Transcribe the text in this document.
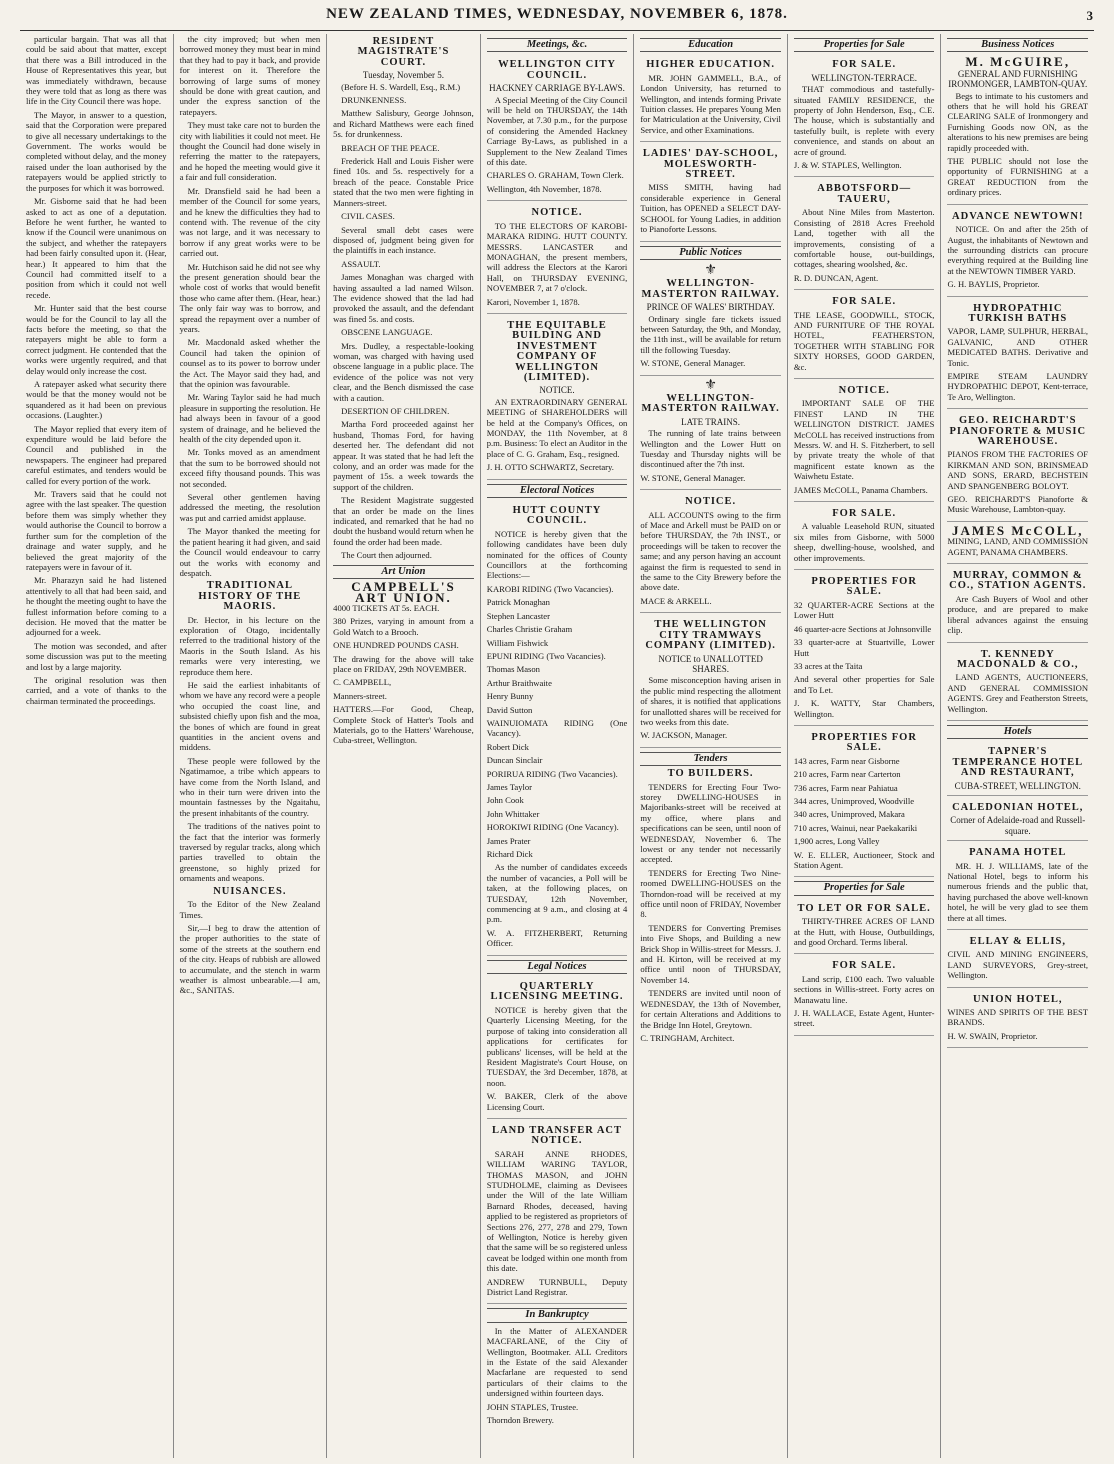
NEW ZEALAND TIMES, WEDNESDAY, NOVEMBER 6, 1878.	3

particular bargain. That was all that could be said about that matter, except that there was a Bill introduced in the House of Representatives this year, but was immediately withdrawn, because they were told that as long as there was life in the City Council there was hope.

The Mayor, in answer to a question, said that the Corporation were prepared to give all necessary undertakings to the Government. The works would be completed without delay, and the money raised under the loan authorised by the ratepayers would be applied strictly to the purposes for which it was borrowed.

Mr. Gisborne said that he had been asked to act as one of a deputation. Before he went further, he wanted to know if the Council were unanimous on the subject, and whether the ratepayers had been fairly consulted upon it. (Hear, hear.) It appeared to him that the Council had committed itself to a position from which it could not well recede.

Mr. Hunter said that the best course would be for the Council to lay all the facts before the meeting, so that the ratepayers might be able to form a correct judgment. He contended that the works were urgently required, and that delay would only increase the cost.

A ratepayer asked what security there would be that the money would not be squandered as it had been on previous occasions. (Laughter.)

The Mayor replied that every item of expenditure would be laid before the Council and published in the newspapers. The engineer had prepared careful estimates, and tenders would be called for every portion of the work.

Mr. Travers said that he could not agree with the last speaker. The question before them was simply whether they would authorise the Council to borrow a further sum for the completion of the drainage and water supply, and he believed the great majority of the ratepayers were in favour of it.

Mr. Pharazyn said he had listened attentively to all that had been said, and he thought the meeting ought to have the fullest information before coming to a decision. He moved that the matter be adjourned for a week.

The motion was seconded, and after some discussion was put to the meeting and lost by a large majority.

The original resolution was then carried, and a vote of thanks to the chairman terminated the proceedings.

the city improved; but when men borrowed money they must bear in mind that they had to pay it back, and provide for interest on it. Therefore the borrowing of large sums of money should be done with great caution, and under the express sanction of the ratepayers.

They must take care not to burden the city with liabilities it could not meet. He thought the Council had done wisely in referring the matter to the ratepayers, and he hoped the meeting would give it a fair and full consideration.

Mr. Dransfield said he had been a member of the Council for some years, and he knew the difficulties they had to contend with. The revenue of the city was not large, and it was necessary to borrow if any great works were to be carried out.

Mr. Hutchison said he did not see why the present generation should bear the whole cost of works that would benefit those who came after them. (Hear, hear.) The only fair way was to borrow, and spread the repayment over a number of years.

Mr. Macdonald asked whether the Council had taken the opinion of counsel as to its power to borrow under the Act. The Mayor said they had, and that the opinion was favourable.

Mr. Waring Taylor said he had much pleasure in supporting the resolution. He had always been in favour of a good system of drainage, and he believed the health of the city depended upon it.

Mr. Tonks moved as an amendment that the sum to be borrowed should not exceed fifty thousand pounds. This was not seconded.

Several other gentlemen having addressed the meeting, the resolution was put and carried amidst applause.

The Mayor thanked the meeting for the patient hearing it had given, and said the Council would endeavour to carry out the works with economy and despatch.

TRADITIONAL HISTORY OF THE MAORIS.

Dr. Hector, in his lecture on the exploration of Otago, incidentally referred to the traditional history of the Maoris in the South Island. As his remarks were very interesting, we reproduce them here.

He said the earliest inhabitants of whom we have any record were a people who occupied the coast line, and subsisted chiefly upon fish and the moa, the bones of which are found in great quantities in the ancient ovens and middens.

These people were followed by the Ngatimamoe, a tribe which appears to have come from the North Island, and who in their turn were driven into the mountain fastnesses by the Ngaitahu, the present inhabitants of the country.

The traditions of the natives point to the fact that the interior was formerly traversed by regular tracks, along which parties travelled to obtain the greenstone, so highly prized for ornaments and weapons.

NUISANCES.

To the Editor of the New Zealand Times.

Sir,—I beg to draw the attention of the proper authorities to the state of some of the streets at the southern end of the city. Heaps of rubbish are allowed to accumulate, and the stench in warm weather is almost unbearable.—I am, &c., SANITAS.

RESIDENT MAGISTRATE'S COURT.
Tuesday, November 5.

(Before H. S. Wardell, Esq., R.M.)

DRUNKENNESS.

Matthew Salisbury, George Johnson, and Richard Matthews were each fined 5s. for drunkenness.

BREACH OF THE PEACE.

Frederick Hall and Louis Fisher were fined 10s. and 5s. respectively for a breach of the peace. Constable Price stated that the two men were fighting in Manners-street.

CIVIL CASES.

Several small debt cases were disposed of, judgment being given for the plaintiffs in each instance.

ASSAULT.

James Monaghan was charged with having assaulted a lad named Wilson. The evidence showed that the lad had provoked the assault, and the defendant was fined 5s. and costs.

OBSCENE LANGUAGE.

Mrs. Dudley, a respectable-looking woman, was charged with having used obscene language in a public place. The evidence of the police was not very clear, and the Bench dismissed the case with a caution.

DESERTION OF CHILDREN.

Martha Ford proceeded against her husband, Thomas Ford, for having deserted her. The defendant did not appear. It was stated that he had left the colony, and an order was made for the payment of 15s. a week towards the support of the children.

The Resident Magistrate suggested that an order be made on the lines indicated, and remarked that he had no doubt the husband would return when he found the order had been made.

The Court then adjourned.

Art Union
CAMPBELL'S ART UNION.

4000 TICKETS AT 5s. EACH.

380 Prizes, varying in amount from a Gold Watch to a Brooch.

ONE HUNDRED POUNDS CASH.

The drawing for the above will take place on FRIDAY, 29th NOVEMBER.

C. CAMPBELL,

Manners-street.

HATTERS.—For Good, Cheap, Complete Stock of Hatter's Tools and Materials, go to the Hatters' Warehouse, Cuba-street, Wellington.

Meetings, &c.
WELLINGTON CITY COUNCIL.
HACKNEY CARRIAGE BY-LAWS.

A Special Meeting of the City Council will be held on THURSDAY, the 14th November, at 7.30 p.m., for the purpose of considering the Amended Hackney Carriage By-Laws, as published in a Supplement to the New Zealand Times of this date.

CHARLES O. GRAHAM, Town Clerk.

Wellington, 4th November, 1878.

NOTICE.

TO THE ELECTORS OF KAROBI-MARAKA RIDING. HUTT COUNTY. MESSRS. LANCASTER and MONAGHAN, the present members, will address the Electors at the Karori Hall, on THURSDAY EVENING, NOVEMBER 7, at 7 o'clock.

Karori, November 1, 1878.

THE EQUITABLE BUILDING AND INVESTMENT COMPANY OF WELLINGTON (LIMITED).
NOTICE.

AN EXTRAORDINARY GENERAL MEETING of SHAREHOLDERS will be held at the Company's Offices, on MONDAY, the 11th November, at 8 p.m. Business: To elect an Auditor in the place of C. G. Graham, Esq., resigned.

J. H. OTTO SCHWARTZ, Secretary.

Electoral Notices
HUTT COUNTY COUNCIL.

NOTICE is hereby given that the following candidates have been duly nominated for the offices of County Councillors at the forthcoming Elections:—

KAROBI RIDING (Two Vacancies).

Patrick Monaghan

Stephen Lancaster

Charles Christie Graham

William Fishwick

EPUNI RIDING (Two Vacancies).

Thomas Mason

Arthur Braithwaite

Henry Bunny

David Sutton

WAINUIOMATA RIDING (One Vacancy).

Robert Dick

Duncan Sinclair

PORIRUA RIDING (Two Vacancies).

James Taylor

John Cook

John Whittaker

HOROKIWI RIDING (One Vacancy).

James Prater

Richard Dick

As the number of candidates exceeds the number of vacancies, a Poll will be taken, at the following places, on TUESDAY, 12th November, commencing at 9 a.m., and closing at 4 p.m.

W. A. FITZHERBERT, Returning Officer.

Legal Notices
QUARTERLY LICENSING MEETING.

NOTICE is hereby given that the Quarterly Licensing Meeting, for the purpose of taking into consideration all applications for certificates for publicans' licenses, will be held at the Resident Magistrate's Court House, on TUESDAY, the 3rd December, 1878, at noon.

W. BAKER, Clerk of the above Licensing Court.

LAND TRANSFER ACT NOTICE.

SARAH ANNE RHODES, WILLIAM WARING TAYLOR, THOMAS MASON, and JOHN STUDHOLME, claiming as Devisees under the Will of the late William Barnard Rhodes, deceased, having applied to be registered as proprietors of Sections 276, 277, 278 and 279, Town of Wellington, Notice is hereby given that the same will be so registered unless caveat be lodged within one month from this date.

ANDREW TURNBULL, Deputy District Land Registrar.

In Bankruptcy

In the Matter of ALEXANDER MACFARLANE, of the City of Wellington, Bootmaker. ALL Creditors in the Estate of the said Alexander Macfarlane are requested to send particulars of their claims to the undersigned within fourteen days.

JOHN STAPLES, Trustee.

Thorndon Brewery.

Education
HIGHER EDUCATION.

MR. JOHN GAMMELL, B.A., of London University, has returned to Wellington, and intends forming Private Tuition classes. He prepares Young Men for Matriculation at the University, Civil Service, and other Examinations.

LADIES' DAY-SCHOOL, MOLESWORTH-STREET.

MISS SMITH, having had considerable experience in General Tuition, has OPENED a SELECT DAY-SCHOOL for Young Ladies, in addition to Pianoforte Lessons.

Public Notices
⚜
WELLINGTON-MASTERTON RAILWAY.
PRINCE OF WALES' BIRTHDAY.

Ordinary single fare tickets issued between Saturday, the 9th, and Monday, the 11th inst., will be available for return till the following Tuesday.

W. STONE, General Manager.

⚜
WELLINGTON-MASTERTON RAILWAY.
LATE TRAINS.

The running of late trains between Wellington and the Lower Hutt on Tuesday and Thursday nights will be discontinued after the 7th inst.

W. STONE, General Manager.

NOTICE.

ALL ACCOUNTS owing to the firm of Mace and Arkell must be PAID on or before THURSDAY, the 7th INST., or proceedings will be taken to recover the same; and any person having an account against the firm is requested to send in the same to the City Brewery before the above date.

MACE & ARKELL.

THE WELLINGTON CITY TRAMWAYS COMPANY (LIMITED).
NOTICE to UNALLOTTED SHARES.

Some misconception having arisen in the public mind respecting the allotment of shares, it is notified that applications for unallotted shares will be received for two weeks from this date.

W. JACKSON, Manager.

Tenders
TO BUILDERS.

TENDERS for Erecting Four Two-storey DWELLING-HOUSES in Majoribanks-street will be received at my office, where plans and specifications can be seen, until noon of WEDNESDAY, November 6. The lowest or any tender not necessarily accepted.

TENDERS for Erecting Two Nine-roomed DWELLING-HOUSES on the Thorndon-road will be received at my office until noon of FRIDAY, November 8.

TENDERS for Converting Premises into Five Shops, and Building a new Brick Shop in Willis-street for Messrs. J. and H. Kirton, will be received at my office until noon of THURSDAY, November 14.

TENDERS are invited until noon of WEDNESDAY, the 13th of November, for certain Alterations and Additions to the Bridge Inn Hotel, Greytown.

C. TRINGHAM, Architect.

Properties for Sale
FOR SALE.
WELLINGTON-TERRACE.

THAT commodious and tastefully-situated FAMILY RESIDENCE, the property of John Henderson, Esq., C.E. The house, which is substantially and tastefully built, is replete with every convenience, and stands on about an acre of ground.

J. & W. STAPLES, Wellington.

ABBOTSFORD—TAUERU,

About Nine Miles from Masterton. Consisting of 2818 Acres Freehold Land, together with all the improvements, consisting of a comfortable house, out-buildings, cottages, shearing woolshed, &c.

R. D. DUNCAN, Agent.

FOR SALE.

THE LEASE, GOODWILL, STOCK, AND FURNITURE OF THE ROYAL HOTEL, FEATHERSTON, TOGETHER WITH STABLING FOR SIXTY HORSES, GOOD GARDEN, &c.

NOTICE.

IMPORTANT SALE OF THE FINEST LAND IN THE WELLINGTON DISTRICT. JAMES McCOLL has received instructions from Messrs. W. and H. S. Fitzherbert, to sell by private treaty the whole of that magnificent estate known as the Waiwhetu Estate.

JAMES McCOLL, Panama Chambers.

FOR SALE.

A valuable Leasehold RUN, situated six miles from Gisborne, with 5000 sheep, dwelling-house, woolshed, and other improvements.

PROPERTIES FOR SALE.

32 QUARTER-ACRE Sections at the Lower Hutt

46 quarter-acre Sections at Johnsonville

33 quarter-acre at Stuartville, Lower Hutt

33 acres at the Taita

And several other properties for Sale and To Let.

J. K. WATTY, Star Chambers, Wellington.

PROPERTIES FOR SALE.

143 acres, Farm near Gisborne

210 acres, Farm near Carterton

736 acres, Farm near Pahiatua

344 acres, Unimproved, Woodville

340 acres, Unimproved, Makara

710 acres, Wainui, near Paekakariki

1,900 acres, Long Valley

W. E. ELLER, Auctioneer, Stock and Station Agent.

Properties for Sale
TO LET OR FOR SALE.

THIRTY-THREE ACRES OF LAND at the Hutt, with House, Outbuildings, and good Orchard. Terms liberal.

FOR SALE.

Land scrip, £100 each. Two valuable sections in Willis-street. Forty acres on Manawatu line.

J. H. WALLACE, Estate Agent, Hunter-street.

Business Notices
M. McGUIRE,
GENERAL AND FURNISHING IRONMONGER, LAMBTON-QUAY.

Begs to intimate to his customers and others that he will hold his GREAT CLEARING SALE of Ironmongery and Furnishing Goods now ON, as the alterations to his new premises are being rapidly proceeded with.

THE PUBLIC should not lose the opportunity of FURNISHING at a GREAT REDUCTION from the ordinary prices.

ADVANCE NEWTOWN!

NOTICE. On and after the 25th of August, the inhabitants of Newtown and the surrounding districts can procure everything required at the Building line at the NEWTOWN TIMBER YARD.

G. H. BAYLIS, Proprietor.

HYDROPATHIC TURKISH BATHS

VAPOR, LAMP, SULPHUR, HERBAL, GALVANIC, AND OTHER MEDICATED BATHS. Derivative and Tonic.

EMPIRE STEAM LAUNDRY HYDROPATHIC DEPOT, Kent-terrace, Te Aro, Wellington.

GEO. REICHARDT'S PIANOFORTE & MUSIC WAREHOUSE.

PIANOS FROM THE FACTORIES OF KIRKMAN AND SON, BRINSMEAD AND SONS, ERARD, BECHSTEIN AND SPANGENBERG BOLOYT.

GEO. REICHARDT'S Pianoforte & Music Warehouse, Lambton-quay.

JAMES McCOLL,

MINING, LAND, AND COMMISSION AGENT, PANAMA CHAMBERS.

MURRAY, COMMON & CO., STATION AGENTS.

Are Cash Buyers of Wool and other produce, and are prepared to make liberal advances against the ensuing clip.

T. KENNEDY MACDONALD & CO.,

LAND AGENTS, AUCTIONEERS, AND GENERAL COMMISSION AGENTS. Grey and Featherston Streets, Wellington.

Hotels
TAPNER'S TEMPERANCE HOTEL AND RESTAURANT,
CUBA-STREET, WELLINGTON.
CALEDONIAN HOTEL,
Corner of Adelaide-road and Russell-square.
PANAMA HOTEL

MR. H. J. WILLIAMS, late of the National Hotel, begs to inform his numerous friends and the public that, having purchased the above well-known hotel, he will be very glad to see them there at all times.

ELLAY & ELLIS,

CIVIL AND MINING ENGINEERS, LAND SURVEYORS, Grey-street, Wellington.

UNION HOTEL,

WINES AND SPIRITS OF THE BEST BRANDS.

H. W. SWAIN, Proprietor.
